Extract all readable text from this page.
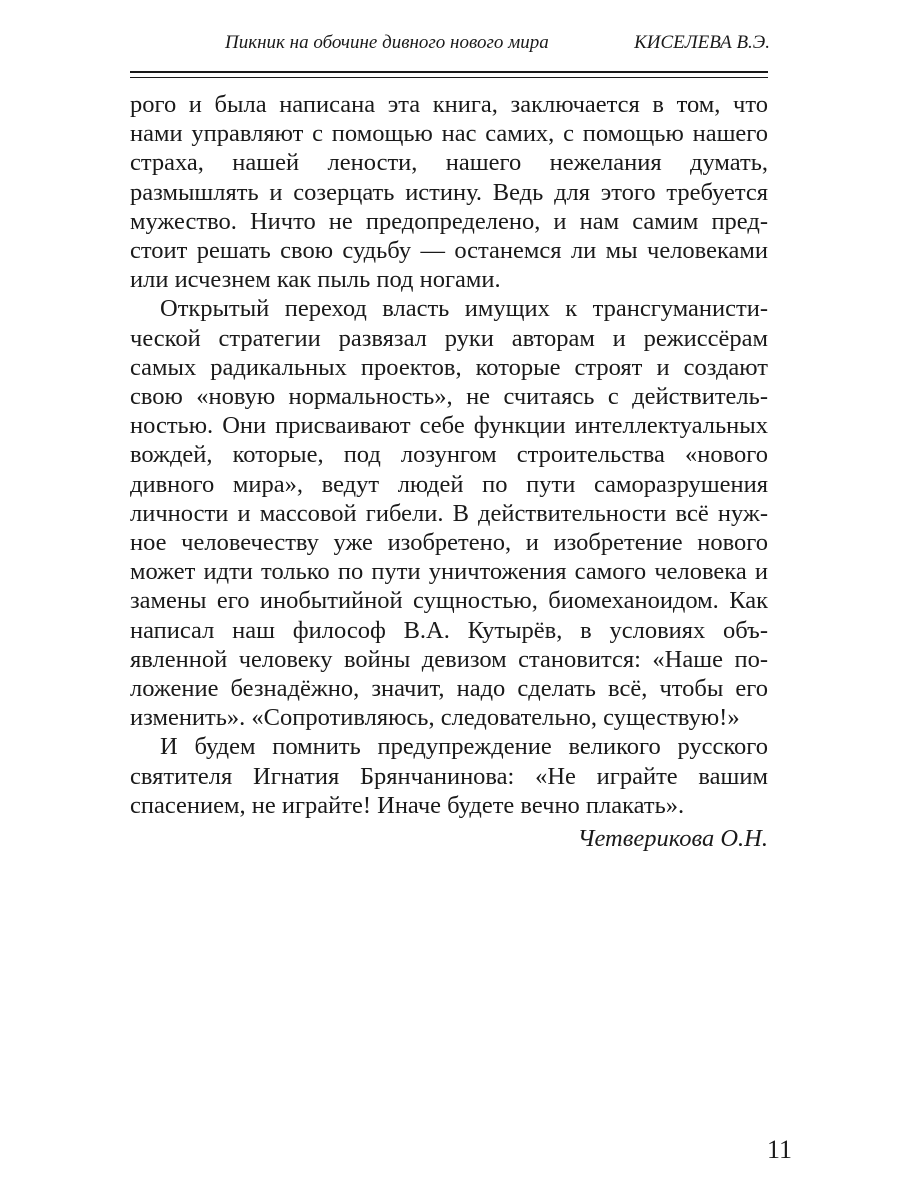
Пикник на обочине дивного нового мира	КИСЕЛЕВА В.Э.

рого и была написана эта книга, заключается в том, что нами управляют с помощью нас самих, с помощью нашего страха, нашей лености, нашего нежелания думать, размышлять и созерцать истину. Ведь для этого требуется мужество. Ничто не предопределено, и нам самим предстоит решать свою судьбу — останемся ли мы человеками или исчезнем как пыль под ногами.

Открытый переход власть имущих к трансгуманистической стратегии развязал руки авторам и режиссёрам самых радикальных проектов, которые строят и создают свою «новую нормальность», не считаясь с действительностью. Они присваивают себе функции интеллектуальных вождей, которые, под лозунгом строительства «нового дивного мира», ведут людей по пути саморазрушения личности и массовой гибели. В действительности всё нужное человечеству уже изобретено, и изобретение нового может идти только по пути уничтожения самого человека и замены его инобытийной сущностью, биомеханоидом. Как написал наш философ В.А. Кутырёв, в условиях объявленной человеку войны девизом становится: «Наше положение безнадёжно, значит, надо сделать всё, чтобы его изменить». «Сопротивляюсь, следовательно, существую!»

И будем помнить предупреждение великого русского святителя Игнатия Брянчанинова: «Не играйте вашим спасением, не играйте! Иначе будете вечно плакать».

Четверикова О.Н.
11
